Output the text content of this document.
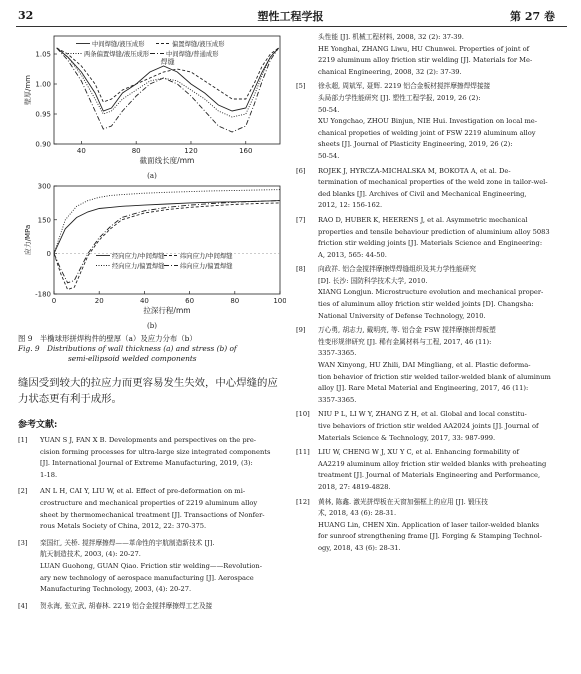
32	塑性工程学报	第 27 卷
40	80	120	160
0.90
0.95
1.00
1.05
壁厚/mm
截面线长度/mm
中间焊缝/液压成形	偏置焊缝/液压成形
两条偏置焊缝/液压成形	中间焊缝/普通成形
焊缝
(a)
0	20	40	60	80	100
300
150
0
-180
应力/MPa
拉深行程/mm
经向应力/中间焊缝 纬向应力/中间焊缝
经向应力/偏置焊缝 纬向应力/偏置焊缝
(b)
图 9　半椭球形拼焊构件的壁厚（a）及应力分布（b）
Fig. 9　Distributions of wall thickness (a) and stress (b) of
semi-ellipsoid welded components
缝因受到较大的拉应力而更容易发生失效，中心焊缝的应力状态更有利于成形。
参考文献:
[1]	YUAN S J, FAN X B. Developments and perspectives on the pre-
cision forming processes for ultra-large size integrated components
[J]. International Journal of Extreme Manufacturing, 2019, (3):
1-18.
[2]	AN L H, CAI Y, LIU W, et al. Effect of pre-deformation on mi-
crostructure and mechanical properties of 2219 aluminum alloy
sheet by thermomechanical treatment [J]. Transactions of Nonfer-
rous Metals Society of China, 2012, 22: 370-375.
[3]	栾国红, 关桥. 搅拌摩擦焊——革命性的宇航制造新技术 [J].
航天制造技术, 2003, (4): 20-27.
LUAN Guohong, GUAN Qiao. Friction stir welding——Revolution-
ary new technology of aerospace manufacturing [J]. Aerospace
Manufacturing Technology, 2003, (4): 20-27.
[4]	贺永海, 张立武, 胡春林. 2219 铝合金搅拌摩擦焊工艺及接
头性能 [J]. 机械工程材料, 2008, 32 (2): 37-39.
HE Yonghai, ZHANG Liwu, HU Chunwei. Properties of joint of
2219 aluminum alloy friction stir welding [J]. Materials for Me-
chanical Engineering, 2008, 32 (2): 37-39.
[5]	徐永超, 周斌军, 聂辉. 2219 铝合金板材搅拌摩擦焊焊接接
头局部力学性能研究 [J]. 塑性工程学报, 2019, 26 (2):
50-54.
XU Yongchao, ZHOU Binjun, NIE Hui. Investigation on local me-
chanical propeties of welding joint of FSW 2219 aluminum alloy
sheets [J]. Journal of Plasticity Engineering, 2019, 26 (2):
50-54.
[6]	ROJEK J, HYRCZA-MICHALSKA M, BOKOTA A, et al. De-
termination of mechanical properties of the weld zone in tailor-wel-
ded blanks [J]. Archives of Civil and Mechanical Engineering,
2012, 12: 156-162.
[7]	RAO D, HUBER K, HEERENS J, et al. Asymmetric mechanical
properties and tensile behaviour prediction of aluminium alloy 5083
friction stir welding joints [J]. Materials Science and Engineering:
A, 2013, 565: 44-50.
[8]	向政祥. 铝合金搅拌摩擦焊焊缝组织及其力学性能研究
[D]. 长沙: 国防科学技术大学, 2010.
XIANG Longjun. Microstructure evolution and mechanical proper-
ties of aluminum alloy friction stir welded joints [D]. Changsha:
National University of Defense Technology, 2010.
[9]	万心勇, 胡志力, 戴明亮, 等. 铝合金 FSW 搅拌摩擦拼焊板塑
性变形规律研究 [J]. 稀有金属材料与工程, 2017, 46 (11):
3357-3365.
WAN Xinyong, HU Zhili, DAI Mingliang, et al. Plastic deforma-
tion behavior of friction stir welded tailor-welded blank of aluminum
alloy [J]. Rare Metal Material and Engineering, 2017, 46 (11):
3357-3365.
[10]	NIU P L, LI W Y, ZHANG Z H, et al. Global and local constitu-
tive behaviors of friction stir welded AA2024 joints [J]. Journal of
Materials Science & Technology, 2017, 33: 987-999.
[11]	LIU W, CHENG W J, XU Y C, et al. Enhancing formability of
AA2219 aluminum alloy friction stir welded blanks with preheating
treatment [J]. Journal of Materials Engineering and Performance,
2018, 27: 4819-4828.
[12]	黄林, 陈鑫. 激光拼焊板在天窗加强框上的应用 [J]. 锻压技
术, 2018, 43 (6): 28-31.
HUANG Lin, CHEN Xin. Application of laser tailor-welded blanks
for sunroof strengthening frame [J]. Forging & Stamping Technol-
ogy, 2018, 43 (6): 28-31.
